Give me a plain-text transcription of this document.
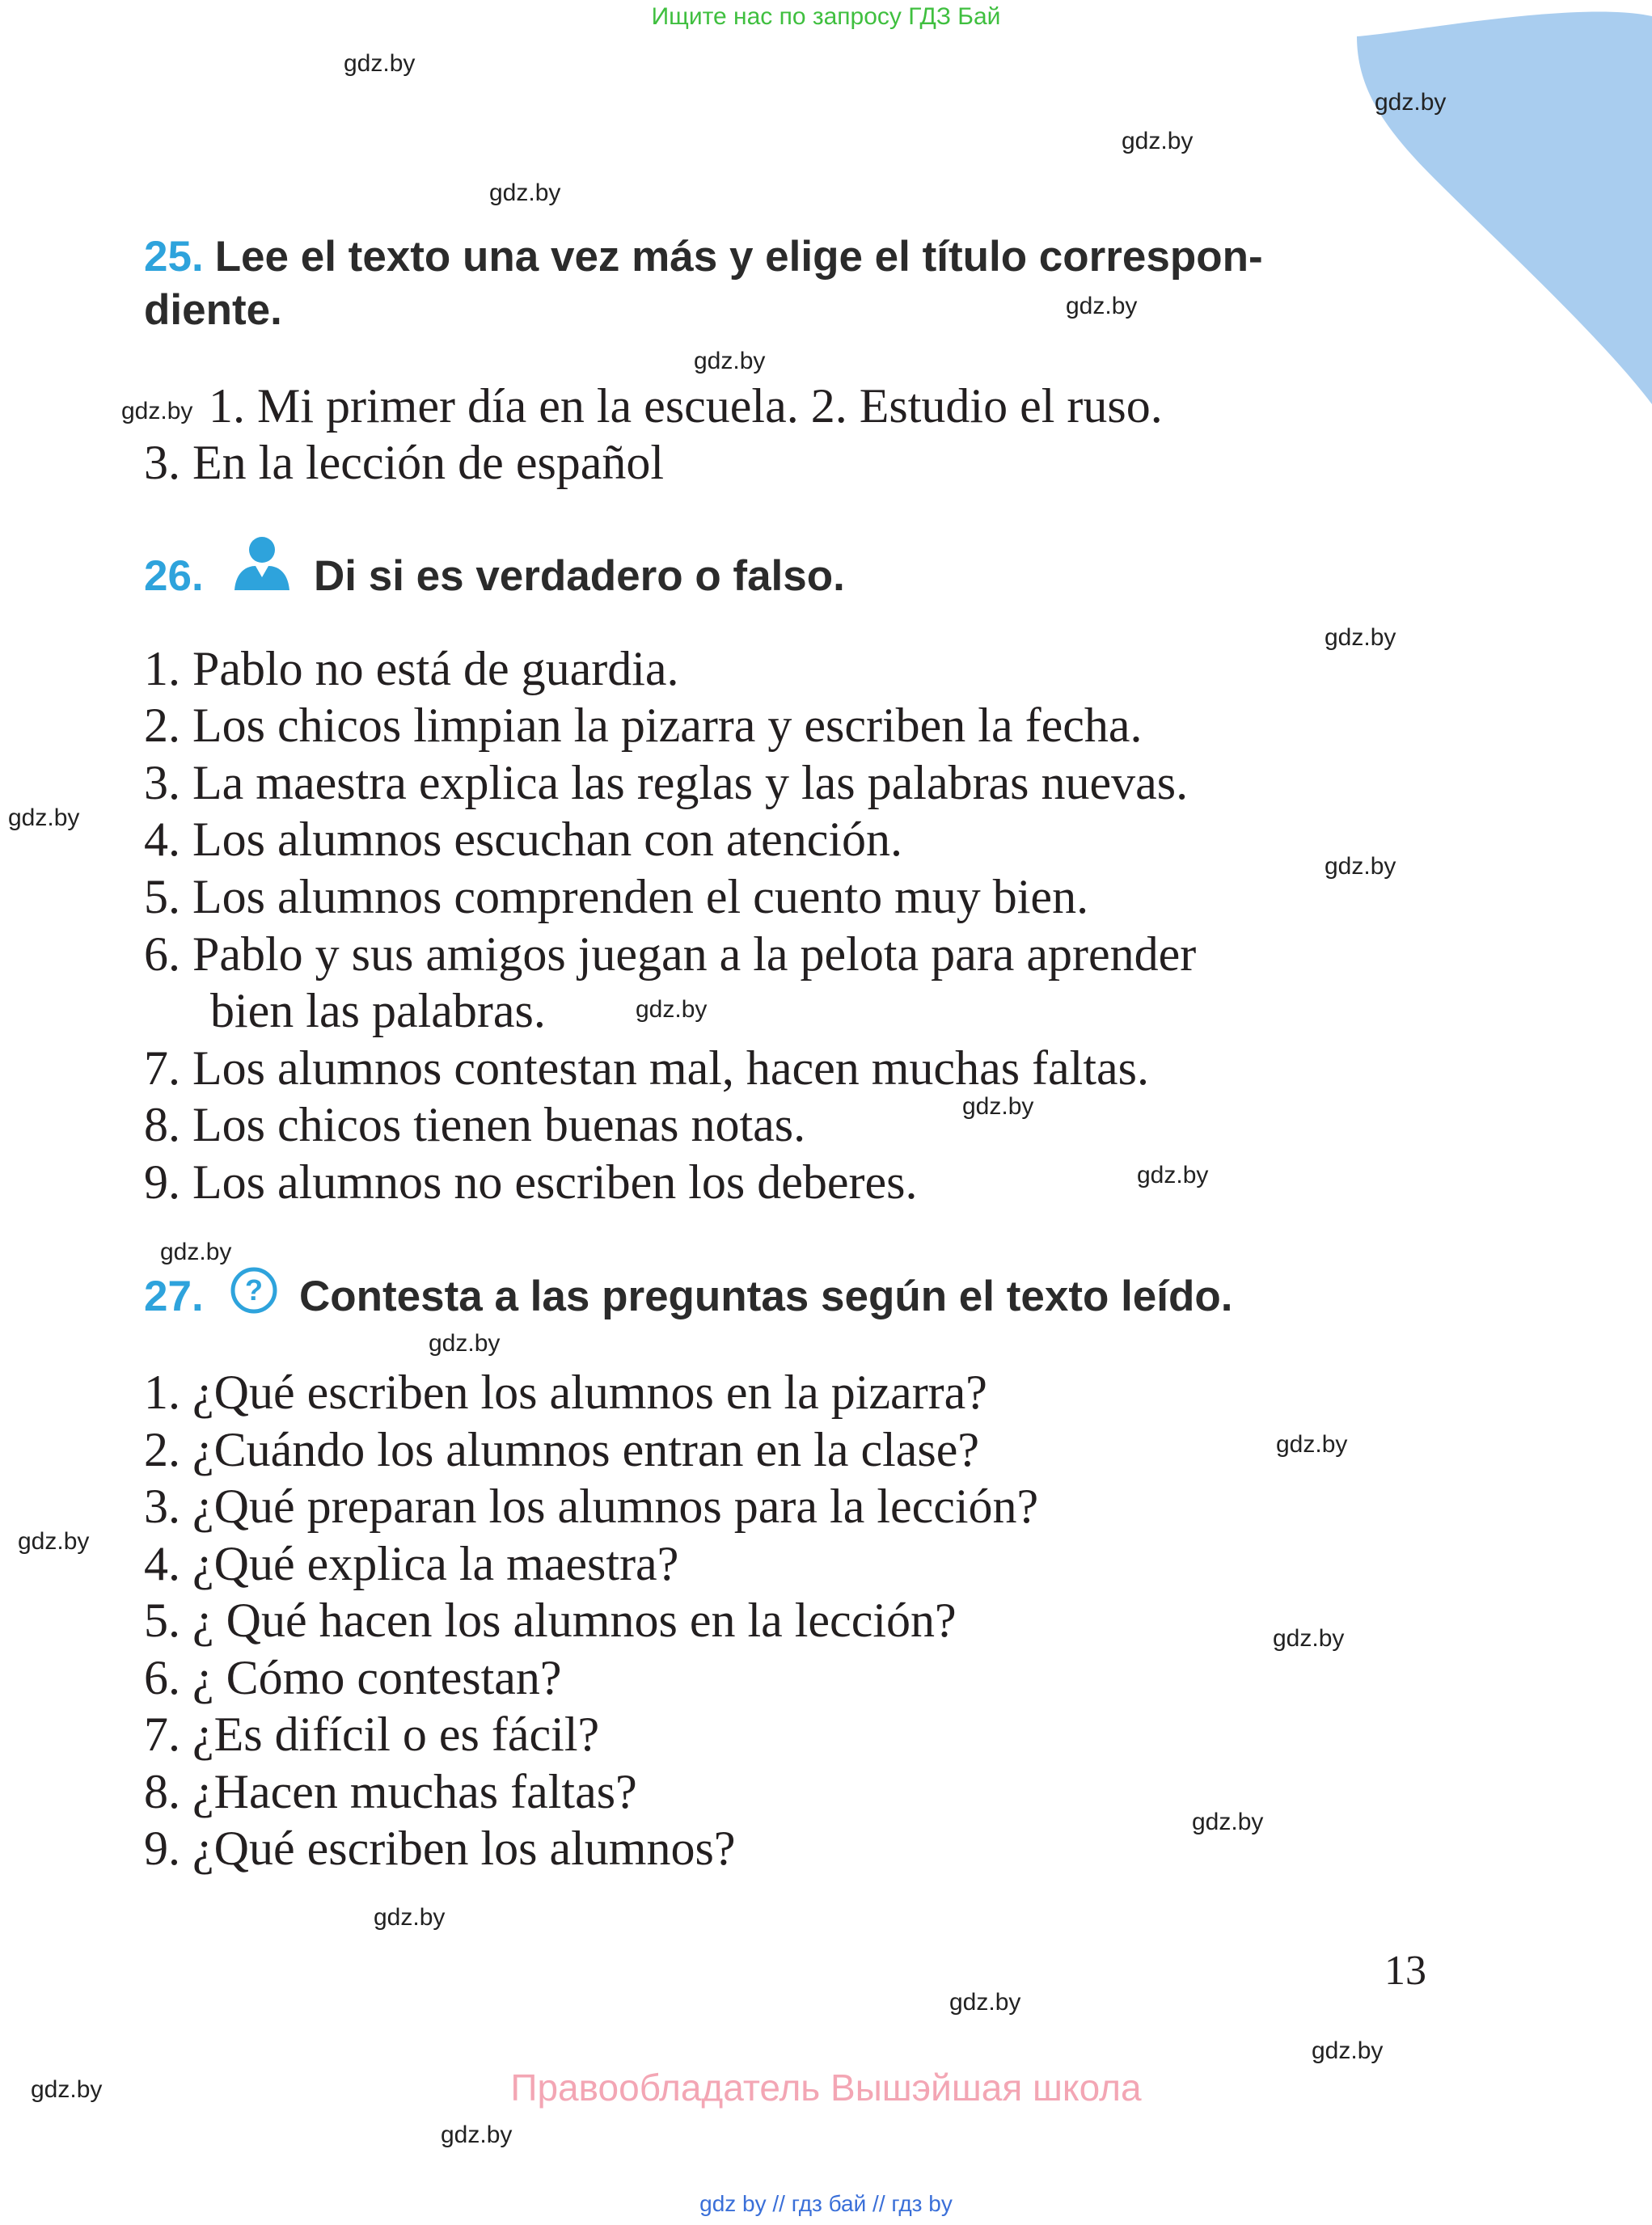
Ищите нас по запросу ГДЗ Бай
gdz.by
gdz.by
gdz.by
gdz.by
gdz.by
gdz.by
gdz.by
gdz.by
gdz.by
gdz.by
gdz.by
gdz.by
gdz.by
gdz.by
gdz.by
gdz.by
gdz.by
gdz.by
gdz.by
gdz.by
gdz.by
gdz.by
gdz.by
gdz.by
25. Lee el texto una vez más y elige el título correspon-
diente.
1. Mi primer día en la escuela. 2. Estudio el ruso.
3. En la lección de español
26.	Di si es verdadero o falso.
1. Pablo no está de guardia.
2. Los chicos limpian la pizarra y escriben la fecha.
3. La maestra explica las reglas y las palabras nuevas.
4. Los alumnos escuchan con atención.
5. Los alumnos comprenden el cuento muy bien.
6. Pablo y sus amigos juegan a la pelota para aprender
bien las palabras.
7. Los alumnos contestan mal, hacen muchas faltas.
8. Los chicos tienen buenas notas.
9. Los alumnos no escriben los deberes.
27.	? Contesta a las preguntas según el texto leído.
1. ¿Qué escriben los alumnos en la pizarra?
2. ¿Cuándo los alumnos entran en la clase?
3. ¿Qué preparan los alumnos para la lección?
4. ¿Qué explica la maestra?
5. ¿ Qué hacen los alumnos en la lección?
6. ¿ Cómo contestan?
7. ¿Es difícil o es fácil?
8. ¿Hacen muchas faltas?
9. ¿Qué escriben los alumnos?
13
Правообладатель Вышэйшая школа
gdz by // гдз бай // гдз by
